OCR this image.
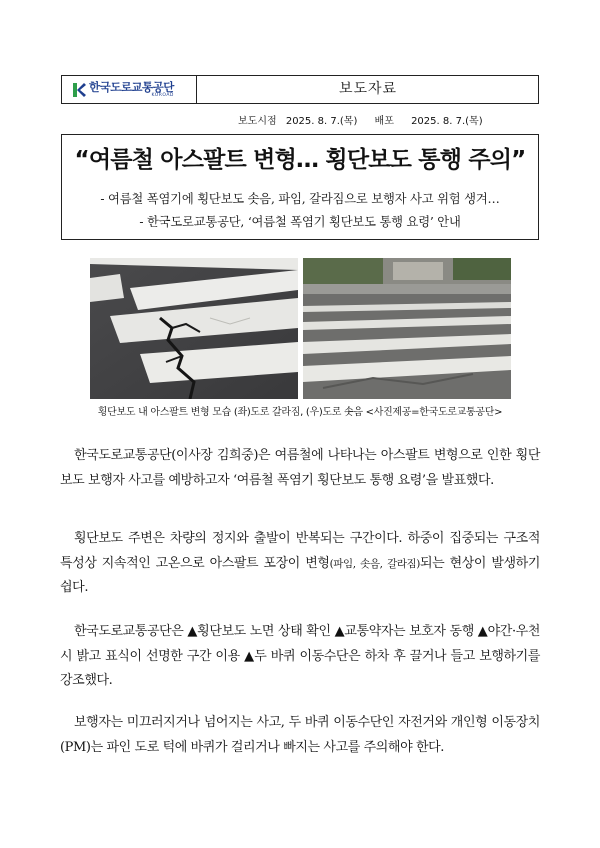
한국도로교통공단
KOROAD	보도자료
보도시점 2025. 8. 7.(목) 배포 2025. 8. 7.(목)
“여름철 아스팔트 변형… 횡단보도 통행 주의”
- 여름철 폭염기에 횡단보도 솟음, 파임, 갈라짐으로 보행자 사고 위험 생겨…
- 한국도로교통공단, ‘여름철 폭염기 횡단보도 통행 요령’ 안내
횡단보도 내 아스팔트 변형 모습 (좌)도로 갈라짐, (우)도로 솟음 <사진제공=한국도로교통공단>
한국도로교통공단(이사장 김희중)은 여름철에 나타나는 아스팔트 변형으로 인한 횡단보도 보행자 사고를 예방하고자 ‘여름철 폭염기 횡단보도 통행 요령’을 발표했다.
횡단보도 주변은 차량의 정지와 출발이 반복되는 구간이다. 하중이 집중되는 구조적 특성상 지속적인 고온으로 아스팔트 포장이 변형(파임, 솟음, 갈라짐)되는 현상이 발생하기 쉽다.
한국도로교통공단은 ▲횡단보도 노면 상태 확인 ▲교통약자는 보호자 동행 ▲야간·우천 시 밝고 표식이 선명한 구간 이용 ▲두 바퀴 이동수단은 하차 후 끌거나 들고 보행하기를 강조했다.
보행자는 미끄러지거나 넘어지는 사고, 두 바퀴 이동수단인 자전거와 개인형 이동장치(PM)는 파인 도로 턱에 바퀴가 걸리거나 빠지는 사고를 주의해야 한다.
